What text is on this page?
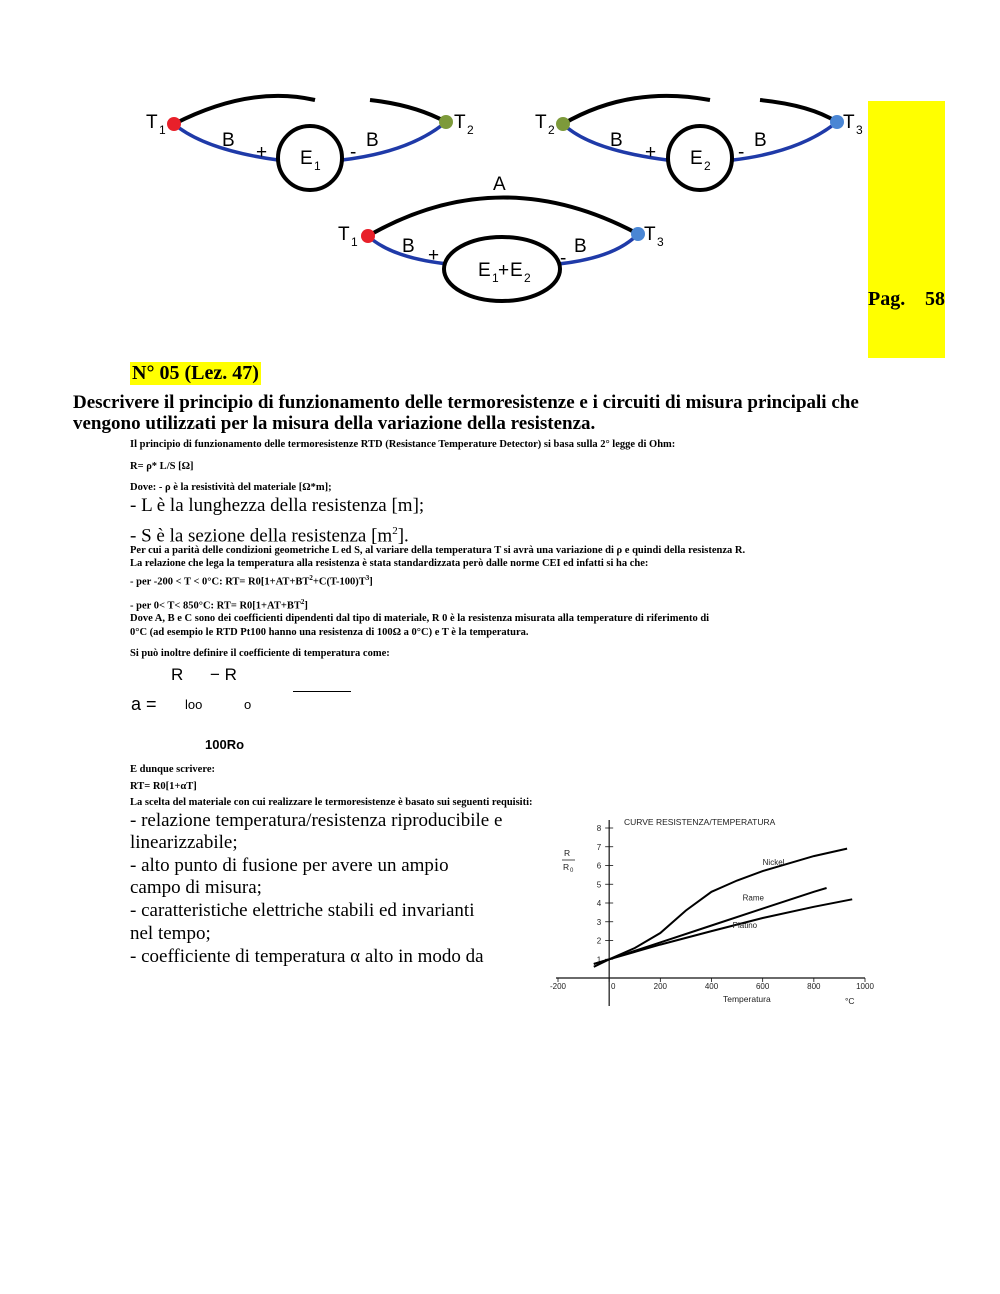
— · —
T 1	T 2
B
+	-
B
E 1
T 2	T 3
B
+	-
B
E 2
A
T 1	T 3
B +	-
B
E 1 + E 2
Pag. 58
N° 05 (Lez. 47)
Descrivere il principio di funzionamento delle termoresistenze e i circuiti di misura principali che vengono utilizzati per la misura della variazione della resistenza.
Il principio di funzionamento delle termoresistenze RTD (Resistance Temperature Detector) si basa sulla 2° legge di Ohm:
R= ρ* L/S [Ω]
Dove: - ρ è la resistività del materiale [Ω*m];
- L è la lunghezza della resistenza [m];
- S è la sezione della resistenza $[m^2]$.
Per cui a parità delle condizioni geometriche L ed S, al variare della temperatura T si avrà una variazione di ρ e quindi della resistenza R.
La relazione che lega la temperatura alla resistenza è stata standardizzata però dalle norme CEI ed infatti si ha che:
- per -200 < T < 0°C: $RT= R0[1+AT+BT^2+C(T-100)T^3]$
- per 0< T< 850°C: $RT= R0[1+AT+BT^2]$
Dove A, B e C sono dei coefficienti dipendenti dal tipo di materiale, R 0 è la resistenza misurata alla temperature di riferimento di
0°C (ad esempio le RTD Pt100 hanno una resistenza di 100Ω a 0°C) e T è la temperatura.
Si può inoltre definire il coefficiente di temperatura come:
R − R
a = loo	o
100Ro
E dunque scrivere:
RT= R0[1+αT]
La scelta del materiale con cui realizzare le termoresistenze è basato sui seguenti requisiti:
- relazione temperatura/resistenza riproducibile e
linearizzabile;
- alto punto di fusione per avere un ampio
campo di misura;
- caratteristiche elettriche stabili ed invarianti
nel tempo;
- coefficiente di temperatura α alto in modo da
-200	0	200	400	600	800	1000
1
2
3
4
5
6
7
8
Nickel
Rame
Platino
CURVE RESISTENZA/TEMPERATURA
Temperatura	°C
R
R 0
